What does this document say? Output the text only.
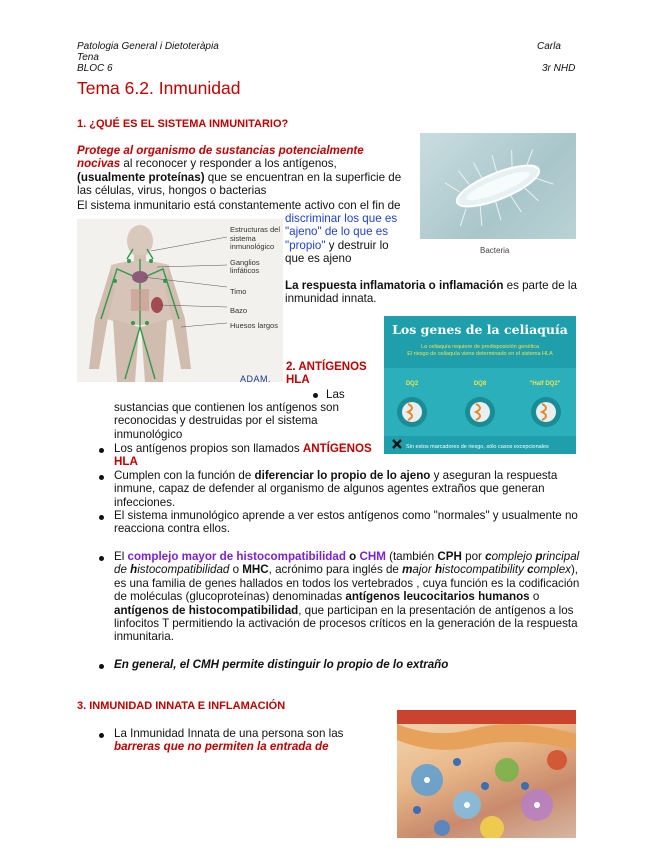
Patologia General i Dietoteràpia
Tena
BLOC 6
Carla
3r NHD
Tema 6.2. Inmunidad
1. ¿QUÉ ES EL SISTEMA INMUNITARIO?
Protege al organismo de sustancias potencialmente nocivas al reconocer y responder a los antígenos,
(usualmente proteínas) que se encuentran en la superficie de las células, virus, hongos o bacterias
El sistema inmunitario está constantemente activo con el fin de
discriminar los que es "ajeno" de lo que es "propio" y destruir lo que es ajeno
La respuesta inflamatoria o inflamación es parte de la inmunidad innata.
Bacteria
Estructuras del sistema inmunológico
Ganglios linfáticos
Timo
Bazo
Huesos largos
ADAM.
Los genes de la celiaquía
La celiaquía requiere de predisposición genética
El riesgo de celiaquía viene determinado en el sistema HLA
DQ2	DQ8	"Half DQ2"
Sin estos marcadores de riesgo, sólo casos excepcionales
2. ANTÍGENOS
HLA
Las
sustancias que contienen los antígenos son reconocidas y destruidas por el sistema inmunológico
Los antígenos propios son llamados ANTÍGENOS HLA
Cumplen con la función de diferenciar lo propio de lo ajeno y aseguran la respuesta inmune, capaz de defender al organismo de algunos agentes extraños que generan infecciones.
El sistema inmunológico aprende a ver estos antígenos como "normales" y usualmente no reacciona contra ellos.
El complejo mayor de histocompatibilidad o CHM (también CPH por complejo principal de histocompatibilidad o MHC, acrónimo para inglés de major histocompatibility complex), es una familia de genes hallados en todos los vertebrados , cuya función es la codificación de moléculas (glucoproteínas) denominadas antígenos leucocitarios humanos o antígenos de histocompatibilidad, que participan en la presentación de antígenos a los linfocitos T permitiendo la activación de procesos críticos en la generación de la respuesta inmunitaria.
En general, el CMH permite distinguir lo propio de lo extraño
3. INMUNIDAD INNATA E INFLAMACIÓN
La Inmunidad Innata de una persona son las barreras que no permiten la entrada de
